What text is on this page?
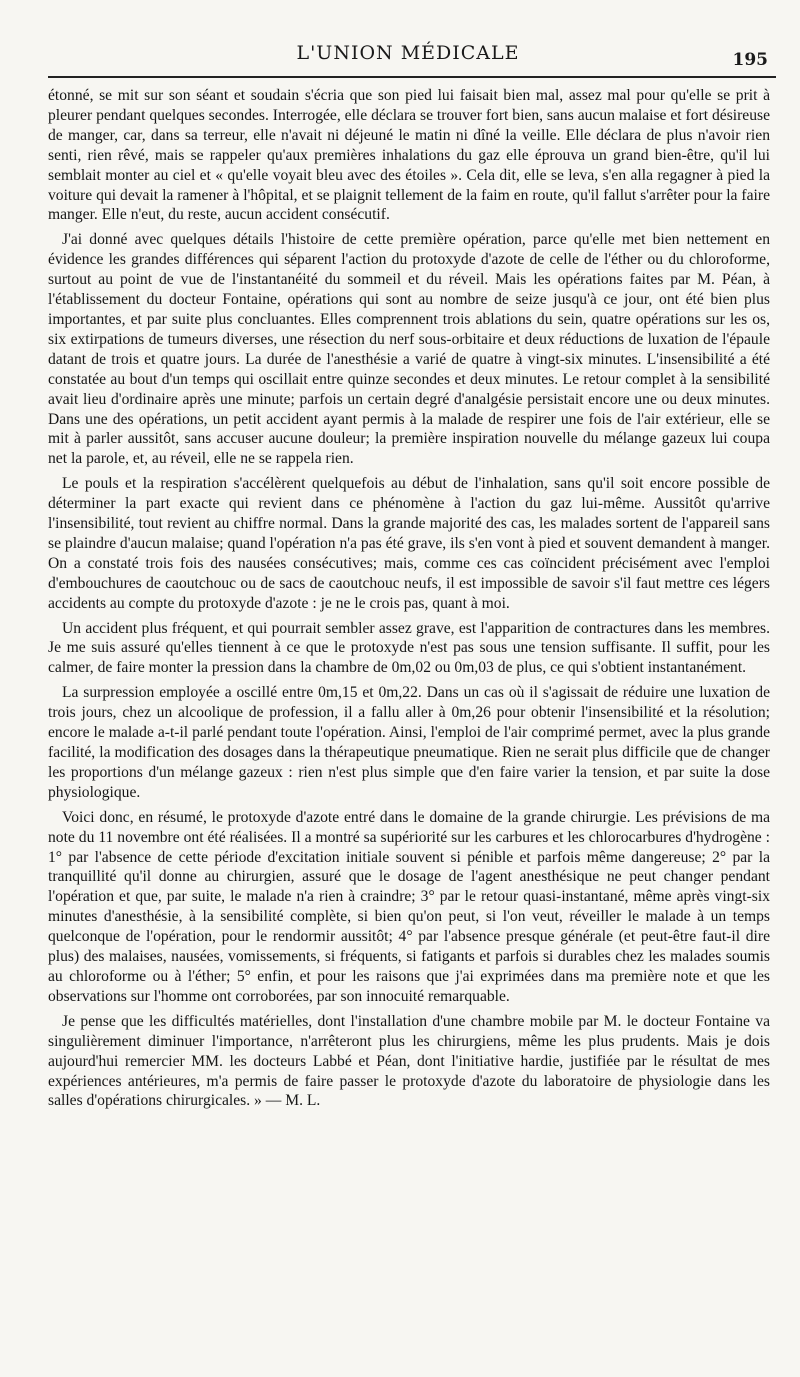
L'UNION MÉDICALE	195

étonné, se mit sur son séant et soudain s'écria que son pied lui faisait bien mal, assez mal pour qu'elle se prit à pleurer pendant quelques secondes. Interrogée, elle déclara se trouver fort bien, sans aucun malaise et fort désireuse de manger, car, dans sa terreur, elle n'avait ni déjeuné le matin ni dîné la veille. Elle déclara de plus n'avoir rien senti, rien rêvé, mais se rappeler qu'aux premières inhalations du gaz elle éprouva un grand bien-être, qu'il lui semblait monter au ciel et « qu'elle voyait bleu avec des étoiles ». Cela dit, elle se leva, s'en alla regagner à pied la voiture qui devait la ramener à l'hôpital, et se plaignit tellement de la faim en route, qu'il fallut s'arrêter pour la faire manger. Elle n'eut, du reste, aucun accident consécutif.

J'ai donné avec quelques détails l'histoire de cette première opération, parce qu'elle met bien nettement en évidence les grandes différences qui séparent l'action du protoxyde d'azote de celle de l'éther ou du chloroforme, surtout au point de vue de l'instantanéité du sommeil et du réveil. Mais les opérations faites par M. Péan, à l'établissement du docteur Fontaine, opérations qui sont au nombre de seize jusqu'à ce jour, ont été bien plus importantes, et par suite plus concluantes. Elles comprennent trois ablations du sein, quatre opérations sur les os, six extirpations de tumeurs diverses, une résection du nerf sous-orbitaire et deux réductions de luxation de l'épaule datant de trois et quatre jours. La durée de l'anesthésie a varié de quatre à vingt-six minutes. L'insensibilité a été constatée au bout d'un temps qui oscillait entre quinze secondes et deux minutes. Le retour complet à la sensibilité avait lieu d'ordinaire après une minute; parfois un certain degré d'analgésie persistait encore une ou deux minutes. Dans une des opérations, un petit accident ayant permis à la malade de respirer une fois de l'air extérieur, elle se mit à parler aussitôt, sans accuser aucune douleur; la première inspiration nouvelle du mélange gazeux lui coupa net la parole, et, au réveil, elle ne se rappela rien.

Le pouls et la respiration s'accélèrent quelquefois au début de l'inhalation, sans qu'il soit encore possible de déterminer la part exacte qui revient dans ce phénomène à l'action du gaz lui-même. Aussitôt qu'arrive l'insensibilité, tout revient au chiffre normal. Dans la grande majorité des cas, les malades sortent de l'appareil sans se plaindre d'aucun malaise; quand l'opération n'a pas été grave, ils s'en vont à pied et souvent demandent à manger. On a constaté trois fois des nausées consécutives; mais, comme ces cas coïncident précisément avec l'emploi d'embouchures de caoutchouc ou de sacs de caoutchouc neufs, il est impossible de savoir s'il faut mettre ces légers accidents au compte du protoxyde d'azote : je ne le crois pas, quant à moi.

Un accident plus fréquent, et qui pourrait sembler assez grave, est l'apparition de contractures dans les membres. Je me suis assuré qu'elles tiennent à ce que le protoxyde n'est pas sous une tension suffisante. Il suffit, pour les calmer, de faire monter la pression dans la chambre de 0m,02 ou 0m,03 de plus, ce qui s'obtient instantanément.

La surpression employée a oscillé entre 0m,15 et 0m,22. Dans un cas où il s'agissait de réduire une luxation de trois jours, chez un alcoolique de profession, il a fallu aller à 0m,26 pour obtenir l'insensibilité et la résolution; encore le malade a-t-il parlé pendant toute l'opération. Ainsi, l'emploi de l'air comprimé permet, avec la plus grande facilité, la modification des dosages dans la thérapeutique pneumatique. Rien ne serait plus difficile que de changer les proportions d'un mélange gazeux : rien n'est plus simple que d'en faire varier la tension, et par suite la dose physiologique.

Voici donc, en résumé, le protoxyde d'azote entré dans le domaine de la grande chirurgie. Les prévisions de ma note du 11 novembre ont été réalisées. Il a montré sa supériorité sur les carbures et les chlorocarbures d'hydrogène : 1° par l'absence de cette période d'excitation initiale souvent si pénible et parfois même dangereuse; 2° par la tranquillité qu'il donne au chirurgien, assuré que le dosage de l'agent anesthésique ne peut changer pendant l'opération et que, par suite, le malade n'a rien à craindre; 3° par le retour quasi-instantané, même après vingt-six minutes d'anesthésie, à la sensibilité complète, si bien qu'on peut, si l'on veut, réveiller le malade à un temps quelconque de l'opération, pour le rendormir aussitôt; 4° par l'absence presque générale (et peut-être faut-il dire plus) des malaises, nausées, vomissements, si fréquents, si fatigants et parfois si durables chez les malades soumis au chloroforme ou à l'éther; 5° enfin, et pour les raisons que j'ai exprimées dans ma première note et que les observations sur l'homme ont corroborées, par son innocuité remarquable.

Je pense que les difficultés matérielles, dont l'installation d'une chambre mobile par M. le docteur Fontaine va singulièrement diminuer l'importance, n'arrêteront plus les chirurgiens, même les plus prudents. Mais je dois aujourd'hui remercier MM. les docteurs Labbé et Péan, dont l'initiative hardie, justifiée par le résultat de mes expériences antérieures, m'a permis de faire passer le protoxyde d'azote du laboratoire de physiologie dans les salles d'opérations chirurgicales. » — M. L.
